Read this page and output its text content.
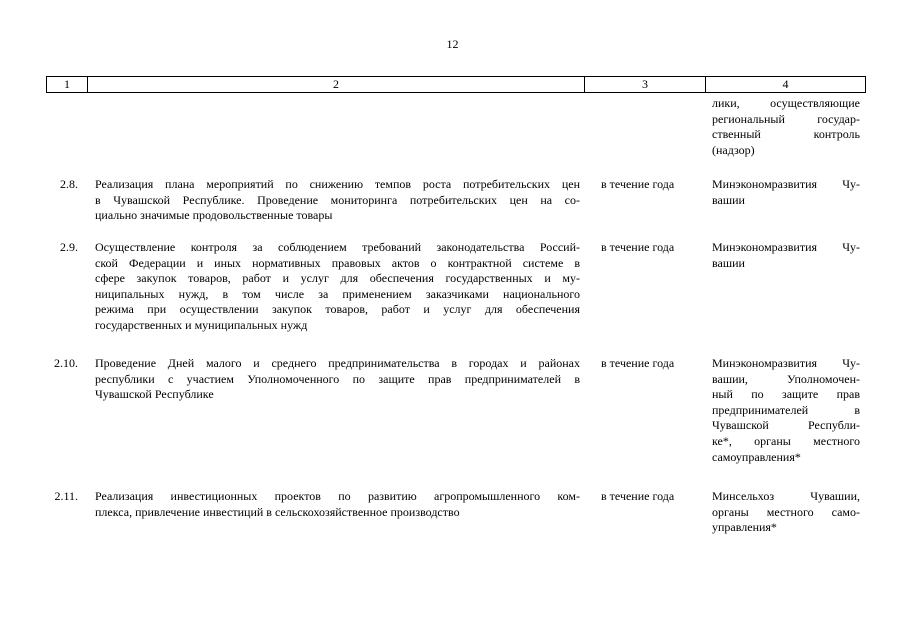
12
1	2	3	4
лики, осуществляющие
региональный государ-
ственный контроль
(надзор)
2.8. Реализация плана мероприятий по снижению темпов роста потребительских цен
в Чувашской Республике. Проведение мониторинга потребительских цен на со-
циально значимые продовольственные товары
в течение года	Минэкономразвития Чу-
вашии
2.9. Осуществление контроля за соблюдением требований законодательства Россий-
ской Федерации и иных нормативных правовых актов о контрактной системе в
сфере закупок товаров, работ и услуг для обеспечения государственных и му-
ниципальных нужд, в том числе за применением заказчиками национального
режима при осуществлении закупок товаров, работ и услуг для обеспечения
государственных и муниципальных нужд
в течение года	Минэкономразвития Чу-
вашии
2.10. Проведение Дней малого и среднего предпринимательства в городах и районах
республики с участием Уполномоченного по защите прав предпринимателей в
Чувашской Республике
в течение года	Минэкономразвития Чу-
вашии, Уполномочен-
ный по защите прав
предпринимателей в
Чувашской Республи-
ке*, органы местного
самоуправления*
2.11. Реализация инвестиционных проектов по развитию агропромышленного ком-
плекса, привлечение инвестиций в сельскохозяйственное производство
в течение года	Минсельхоз Чувашии,
органы местного само-
управления*
